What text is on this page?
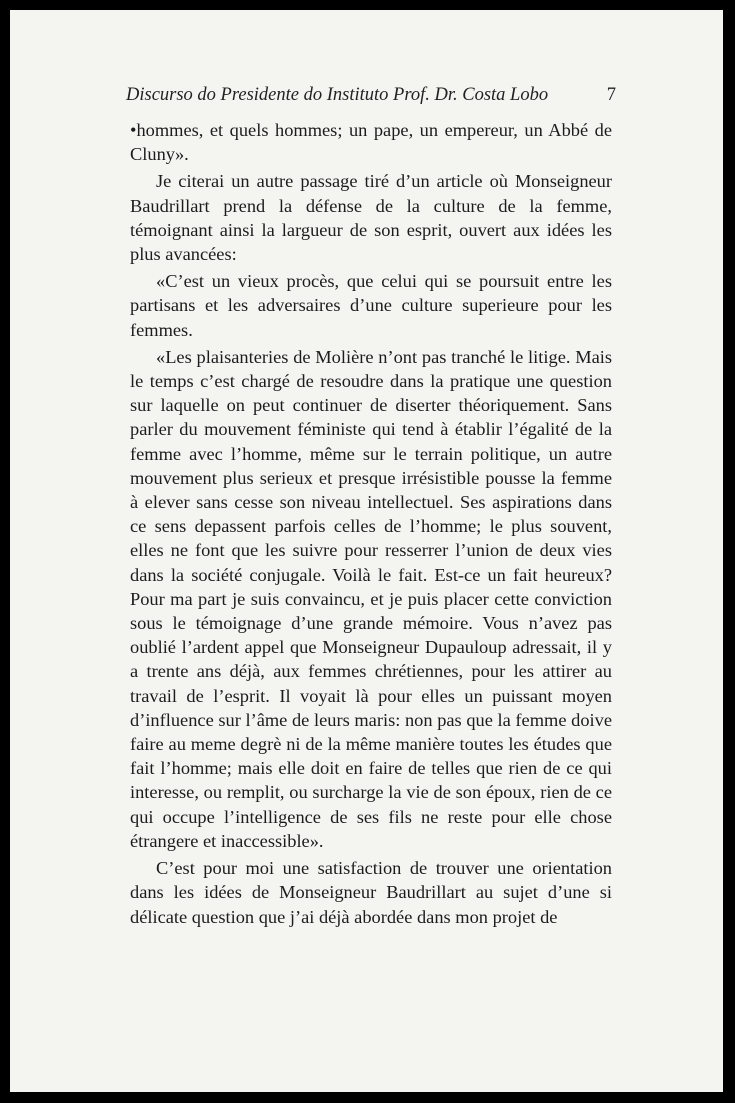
Discurso do Presidente do Instituto Prof. Dr. Costa Lobo	7

•hommes, et quels hommes; un pape, un empereur, un Abbé de Cluny».

Je citerai un autre passage tiré d’un article où Monseigneur Baudrillart prend la défense de la culture de la femme, témoignant ainsi la largueur de son esprit, ouvert aux idées les plus avancées:

«C’est un vieux procès, que celui qui se poursuit entre les partisans et les adversaires d’une culture superieure pour les femmes.

«Les plaisanteries de Molière n’ont pas tranché le litige. Mais le temps c’est chargé de resoudre dans la pratique une question sur laquelle on peut continuer de diserter théoriquement. Sans parler du mouvement féministe qui tend à établir l’égalité de la femme avec l’homme, même sur le terrain politique, un autre mouvement plus serieux et presque irrésistible pousse la femme à elever sans cesse son niveau intellectuel. Ses aspirations dans ce sens depassent parfois celles de l’homme; le plus souvent, elles ne font que les suivre pour resserrer l’union de deux vies dans la société conjugale. Voilà le fait. Est-ce un fait heureux? Pour ma part je suis convaincu, et je puis placer cette conviction sous le témoignage d’une grande mémoire. Vous n’avez pas oublié l’ardent appel que Monseigneur Dupauloup adressait, il y a trente ans déjà, aux femmes chrétiennes, pour les attirer au travail de l’esprit. Il voyait là pour elles un puissant moyen d’influence sur l’âme de leurs maris: non pas que la femme doive faire au meme degrè ni de la même manière toutes les études que fait l’homme; mais elle doit en faire de telles que rien de ce qui interesse, ou remplit, ou surcharge la vie de son époux, rien de ce qui occupe l’intelligence de ses fils ne reste pour elle chose étrangere et inaccessible».

C’est pour moi une satisfaction de trouver une orientation dans les idées de Monseigneur Baudrillart au sujet d’une si délicate question que j’ai déjà abordée dans mon projet de
